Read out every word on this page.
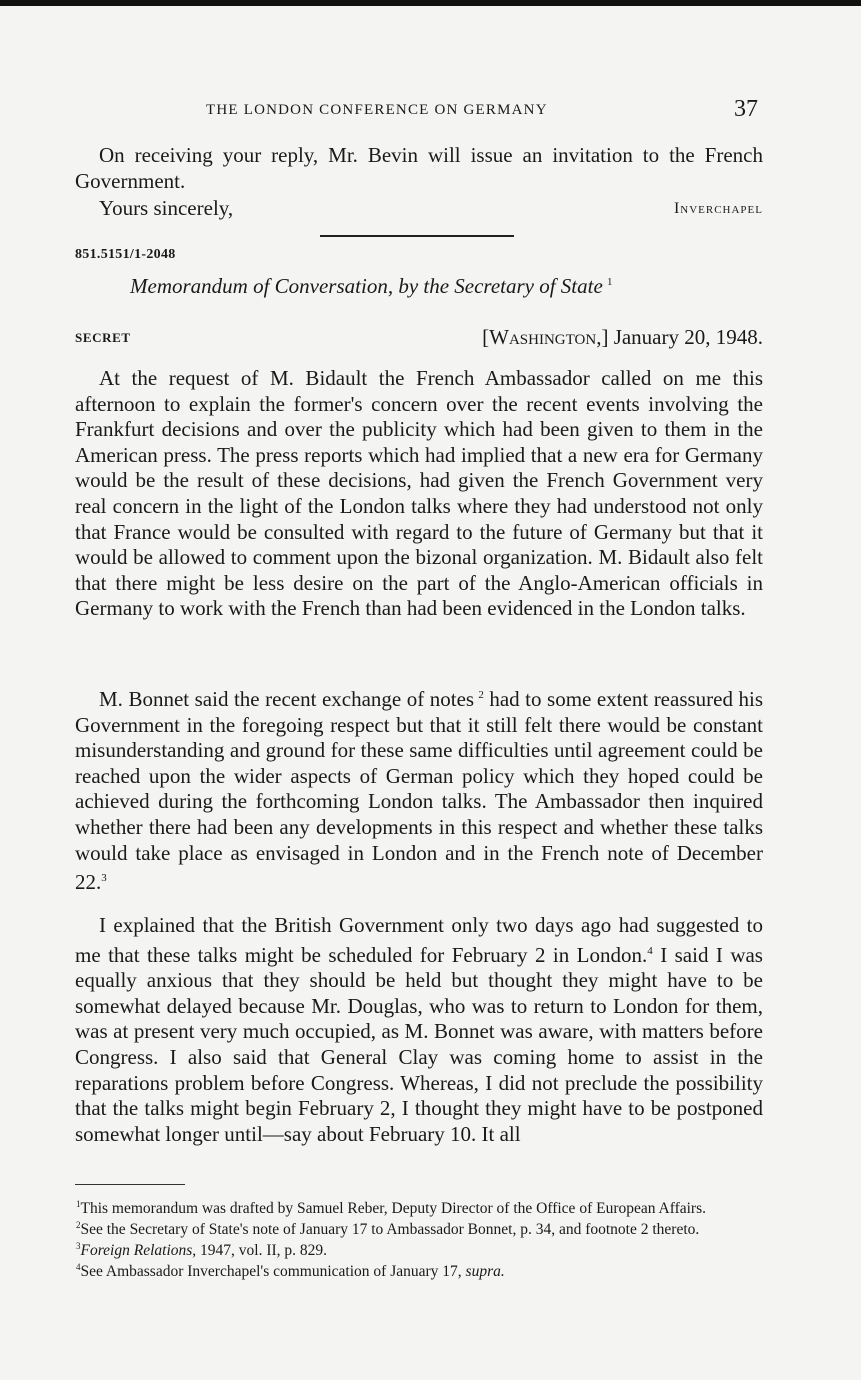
THE LONDON CONFERENCE ON GERMANY	37

On receiving your reply, Mr. Bevin will issue an invitation to the French Government.

Yours sincerely,	Inverchapel
851.5151/1-2048
Memorandum of Conversation, by the Secretary of State  $^1$
SECRET	[Washington,] January 20, 1948.

At the request of M. Bidault the French Ambassador called on me this afternoon to explain the former's concern over the recent events involving the Frankfurt decisions and over the publicity which had been given to them in the American press. The press reports which had implied that a new era for Germany would be the result of these decisions, had given the French Government very real concern in the light of the London talks where they had understood not only that France would be consulted with regard to the future of Germany but that it would be allowed to comment upon the bizonal organization. M. Bidault also felt that there might be less desire on the part of the Anglo-American officials in Germany to work with the French than had been evidenced in the London talks.

M. Bonnet said the recent exchange of notes  $^2$ had to some extent reassured his Government in the foregoing respect but that it still felt there would be constant misunderstanding and ground for these same difficulties until agreement could be reached upon the wider aspects of German policy which they hoped could be achieved during the forthcoming London talks. The Ambassador then inquired whether there had been any developments in this respect and whether these talks would take place as envisaged in London and in the French note of December 22.$^3$

I explained that the British Government only two days ago had suggested to me that these talks might be scheduled for February 2 in London.$^4$ I said I was equally anxious that they should be held but thought they might have to be somewhat delayed because Mr. Douglas, who was to return to London for them, was at present very much occupied, as M. Bonnet was aware, with matters before Congress. I also said that General Clay was coming home to assist in the reparations problem before Congress. Whereas, I did not preclude the possibility that the talks might begin February 2, I thought they might have to be postponed somewhat longer until—say about February 10. It all

$^1$This memorandum was drafted by Samuel Reber, Deputy Director of the Office of European Affairs.
$^2$See the Secretary of State's note of January 17 to Ambassador Bonnet, p. 34, and footnote 2 thereto.
$^3$Foreign Relations, 1947, vol. II, p. 829.
$^4$See Ambassador Inverchapel's communication of January 17, supra.
